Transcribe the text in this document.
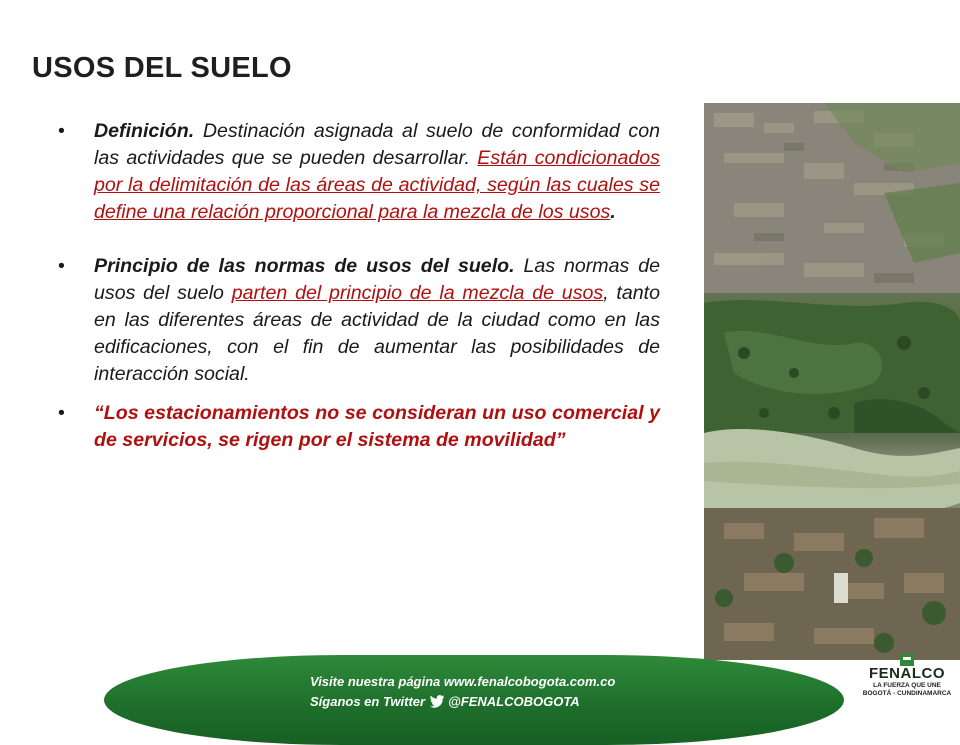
USOS DEL SUELO
• Definición. Destinación asignada al suelo de conformidad con las actividades que se pueden desarrollar. Están condicionados por la delimitación de las áreas de actividad, según las cuales se define una relación proporcional para la mezcla de los usos.
• Principio de las normas de usos del suelo. Las normas de usos del suelo parten del principio de la mezcla de usos, tanto en las diferentes áreas de actividad de la ciudad como en las edificaciones, con el fin de aumentar las posibilidades de interacción social.
• “Los estacionamientos no se consideran un uso comercial y de servicios, se rigen por el sistema de movilidad”
Visite nuestra página www.fenalcobogota.com.co
Síganos en Twitter @FENALCOBOGOTA
FENALCO
LA FUERZA QUE UNE
BOGOTÁ - CUNDINAMARCA
